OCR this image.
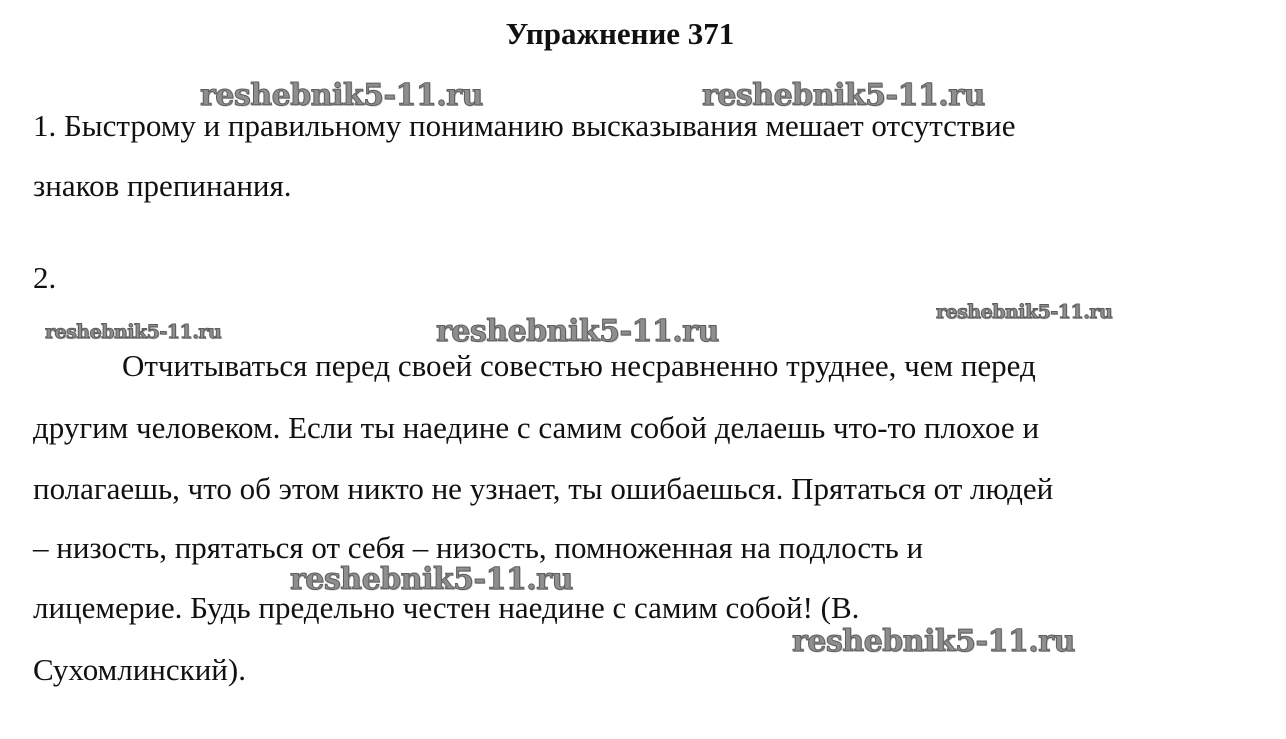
Упражнение 371
1. Быстрому и правильному пониманию высказывания мешает отсутствие
знаков препинания.
2.
Отчитываться перед своей совестью несравненно труднее, чем перед
другим человеком. Если ты наедине с самим собой делаешь что-то плохое и
полагаешь, что об этом никто не узнает, ты ошибаешься. Прятаться от людей
– низость, прятаться от себя – низость, помноженная на подлость и
лицемерие. Будь предельно честен наедине с самим собой! (В.
Сухомлинский).
reshebnik5-11.ru	reshebnik5-11.ru
reshebnik5-11.ru	reshebnik5-11.ru
reshebnik5-11.ru
reshebnik5-11.ru
reshebnik5-11.ru
